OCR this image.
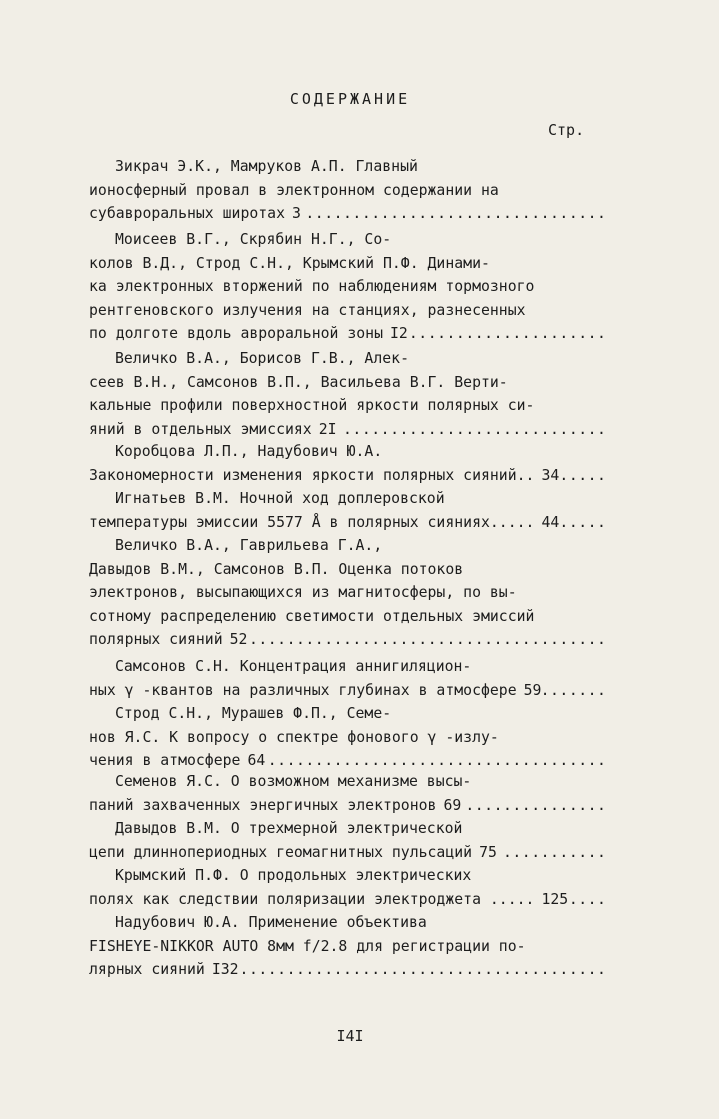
СОДЕРЖАНИЕ
Стр.
Зикрач Э.К., Мамруков А.П. Главный
ионосферный провал в электронном содержании на
субавроральных широтах 3 .....
Моисеев В.Г., Скрябин Н.Г., Со-
колов В.Д., Строд С.Н., Крымский П.Ф. Динами-
ка электронных вторжений по наблюдениям тормозного
рентгеновского излучения на станциях, разнесенных
по долготе вдоль авроральной зоны I2 .....
Величко В.А., Борисов Г.В., Алек-
сеев В.Н., Самсонов В.П., Васильева В.Г. Верти-
кальные профили поверхностной яркости полярных си-
яний в отдельных эмиссиях 2I .....
Коробцова Л.П., Надубович Ю.А.
Закономерности изменения яркости полярных сияний.. 34 .....
Игнатьев В.М. Ночной ход доплеровской
температуры эмиссии 5577 Å в полярных сияниях..... 44 .....
Величко В.А., Гаврильева Г.А.,
Давыдов В.М., Самсонов В.П. Оценка потоков
электронов, высыпающихся из магнитосферы, по вы-
сотному распределению светимости отдельных эмиссий
полярных сияний 52 .....
Самсонов С.Н. Концентрация аннигиляцион-
ных γ -квантов на различных глубинах в атмосфере 59 .....
Строд С.Н., Мурашев Ф.П., Семе-
нов Я.С. К вопросу о спектре фонового γ -излу-
чения в атмосфере 64 .....
Семенов Я.С. О возможном механизме высы-
паний захваченных энергичных электронов 69 .....
Давыдов В.М. О трехмерной электрической
цепи длиннопериодных геомагнитных пульсаций 75 .....
Крымский П.Ф. О продольных электрических
полях как следствии поляризации электроджета ..... 125 .....
Надубович Ю.А. Применение объектива
FISHEYE-NIKKOR AUTO 8мм f/2.8 для регистрации по-
лярных сияний I32 .....
I4I
